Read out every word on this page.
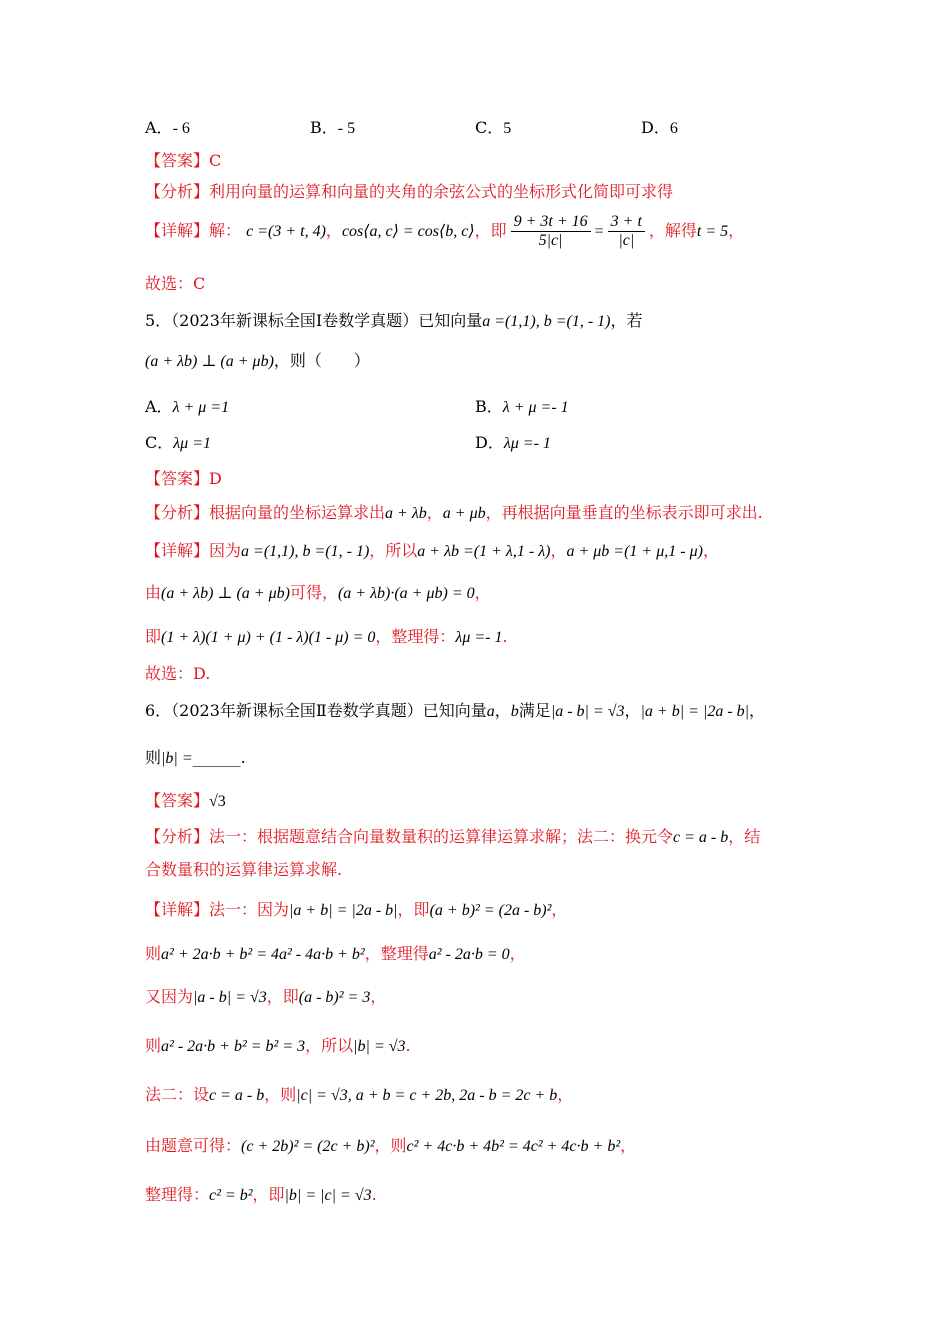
A．- 6	B．- 5	C．5	D．6
【答案】C
【分析】利用向量的运算和向量的夹角的余弦公式的坐标形式化简即可求得
【详解】解： c =(3 + t, 4)，cos⟨a, c⟩ = cos⟨b, c⟩，即 $\frac{9 + 3t + 16}{5|c|} = \frac{3 + t}{|c|}$ ，解得t = 5，
故选：C
5．（2023年新课标全国Ⅰ卷数学真题）已知向量a =(1,1), b =(1, - 1)，若
(a + λb) ⊥ (a + μb)，则（　　）
A．λ + μ =1	B．λ + μ =- 1
C．λμ =1	D．λμ =- 1
【答案】D
【分析】根据向量的坐标运算求出a + λb，a + μb，再根据向量垂直的坐标表示即可求出.
【详解】因为a =(1,1), b =(1, - 1)，所以a + λb =(1 + λ,1 - λ)，a + μb =(1 + μ,1 - μ)，
由(a + λb) ⊥ (a + μb)可得，(a + λb)·(a + μb) = 0，
即(1 + λ)(1 + μ) + (1 - λ)(1 - μ) = 0，整理得：λμ =- 1.
故选：D.
6．（2023年新课标全国Ⅱ卷数学真题）已知向量a，b满足|a - b| = √3，|a + b| = |2a - b|，
则|b| =______.
【答案】√3
【分析】法一：根据题意结合向量数量积的运算律运算求解；法二：换元令c = a - b，结
合数量积的运算律运算求解.
【详解】法一：因为|a + b| = |2a - b|，即(a + b)² = (2a - b)²，
则a² + 2a·b + b² = 4a² - 4a·b + b²，整理得a² - 2a·b = 0，
又因为|a - b| = √3，即(a - b)² = 3，
则a² - 2a·b + b² = b² = 3，所以|b| = √3.
法二：设c = a - b，则|c| = √3, a + b = c + 2b, 2a - b = 2c + b，
由题意可得：(c + 2b)² = (2c + b)²，则c² + 4c·b + 4b² = 4c² + 4c·b + b²，
整理得：c² = b²，即|b| = |c| = √3.
